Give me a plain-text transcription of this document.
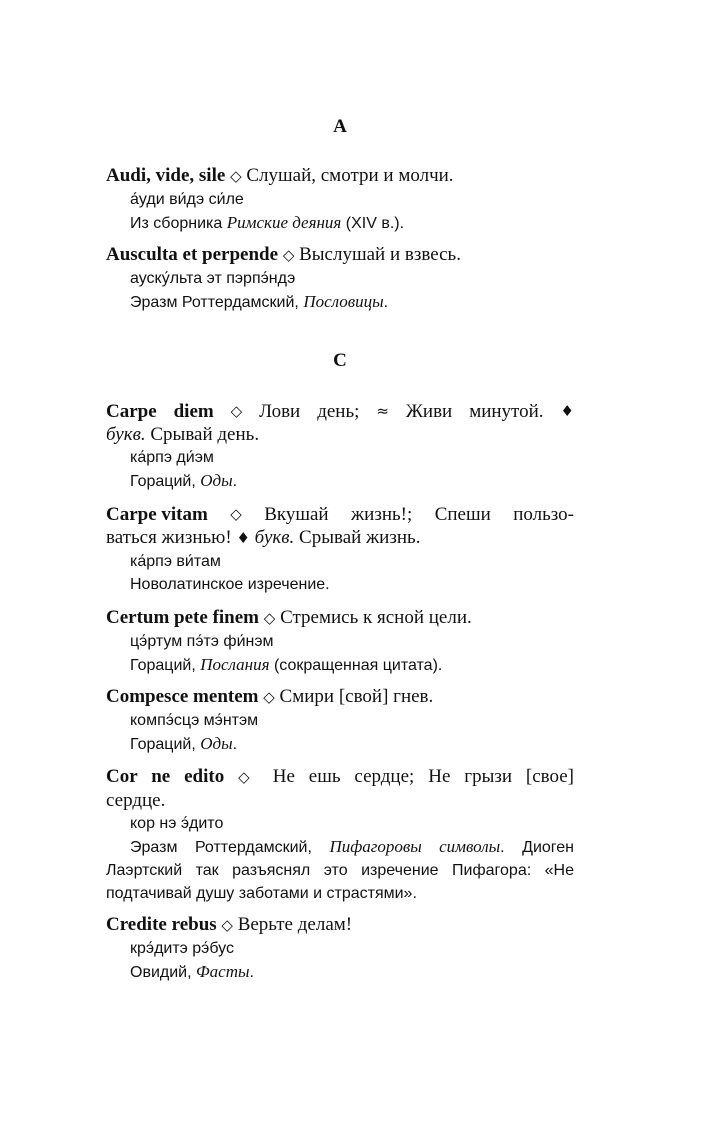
A
Audi, vide, sile ◇ Слушай, смотри и молчи.
а́уди ви́дэ си́ле
Из сборника Римские деяния (XIV в.).
Ausculta et perpende ◇ Выслушай и взвесь.
ауску́льта эт пэрпэ́ндэ
Эразм Роттердамский, Пословицы.
C
Carpe diem ◇ Лови день; ≈ Живи минутой. ♦
букв. Срывай день.
ка́рпэ ди́эм
Гораций, Оды.
Carpe vitam ◇ Вкушай жизнь!; Спеши пользо-
ваться жизнью! ♦ букв. Срывай жизнь.
ка́рпэ ви́там
Новолатинское изречение.
Certum pete finem ◇ Стремись к ясной цели.
цэ́ртум пэ́тэ фи́нэм
Гораций, Послания (сокращенная цитата).
Compesce mentem ◇ Смири [свой] гнев.
компэ́сцэ мэ́нтэм
Гораций, Оды.
Cor ne edito ◇ Не ешь сердце; Не грызи [свое]
сердце.
кор нэ э́дито
Эразм Роттердамский, Пифагоровы символы. Диоген
Лаэртский так разъяснял это изречение Пифагора: «Не
подтачивай душу заботами и страстями».
Credite rebus ◇ Верьте делам!
крэ́дитэ рэ́бус
Овидий, Фасты.
